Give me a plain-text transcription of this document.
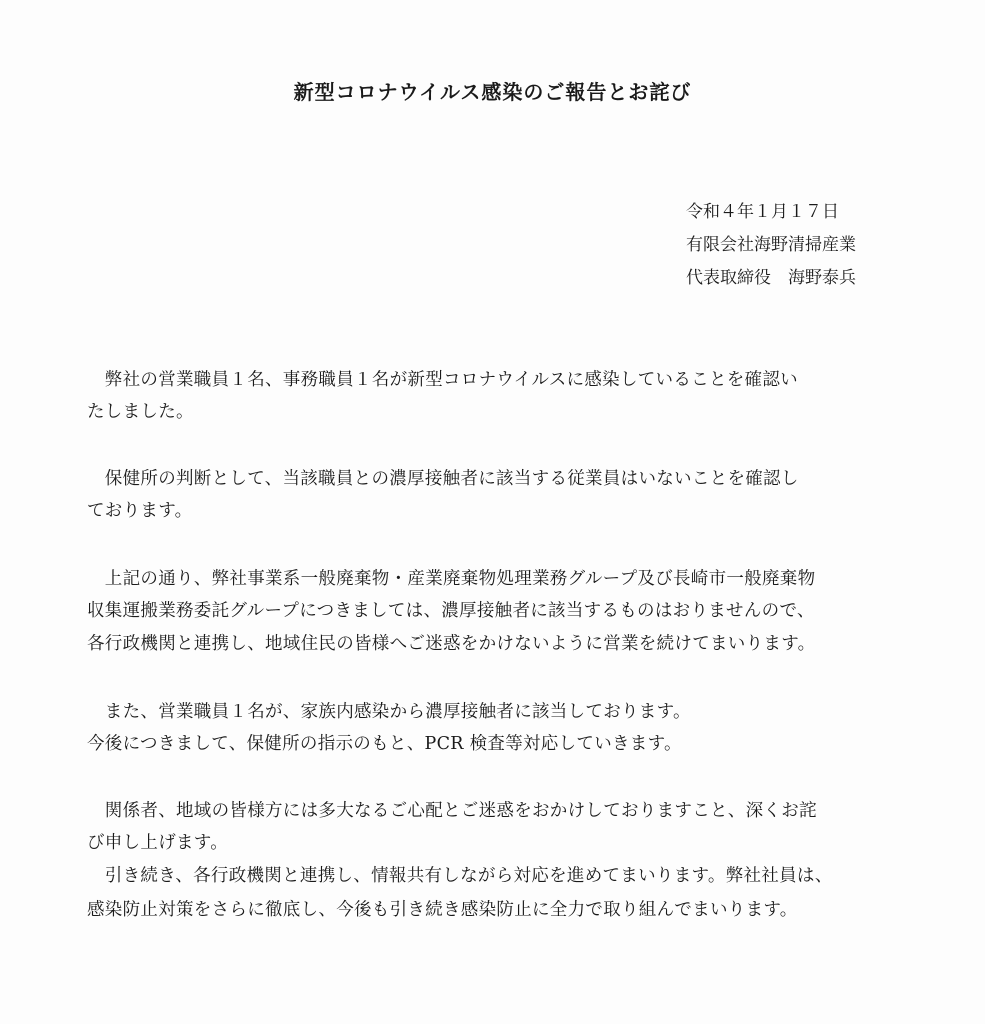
新型コロナウイルス感染のご報告とお詫び
令和４年１月１７日
有限会社海野清掃産業
代表取締役　海野泰兵
　弊社の営業職員１名、事務職員１名が新型コロナウイルスに感染していることを確認い
たしました。
　保健所の判断として、当該職員との濃厚接触者に該当する従業員はいないことを確認し
ております。
　上記の通り、弊社事業系一般廃棄物・産業廃棄物処理業務グループ及び長崎市一般廃棄物
収集運搬業務委託グループにつきましては、濃厚接触者に該当するものはおりませんので、
各行政機関と連携し、地域住民の皆様へご迷惑をかけないように営業を続けてまいります。
　また、営業職員１名が、家族内感染から濃厚接触者に該当しております。
今後につきまして、保健所の指示のもと、PCR 検査等対応していきます。
　関係者、地域の皆様方には多大なるご心配とご迷惑をおかけしておりますこと、深くお詫
び申し上げます。
　引き続き、各行政機関と連携し、情報共有しながら対応を進めてまいります。弊社社員は、
感染防止対策をさらに徹底し、今後も引き続き感染防止に全力で取り組んでまいります。
